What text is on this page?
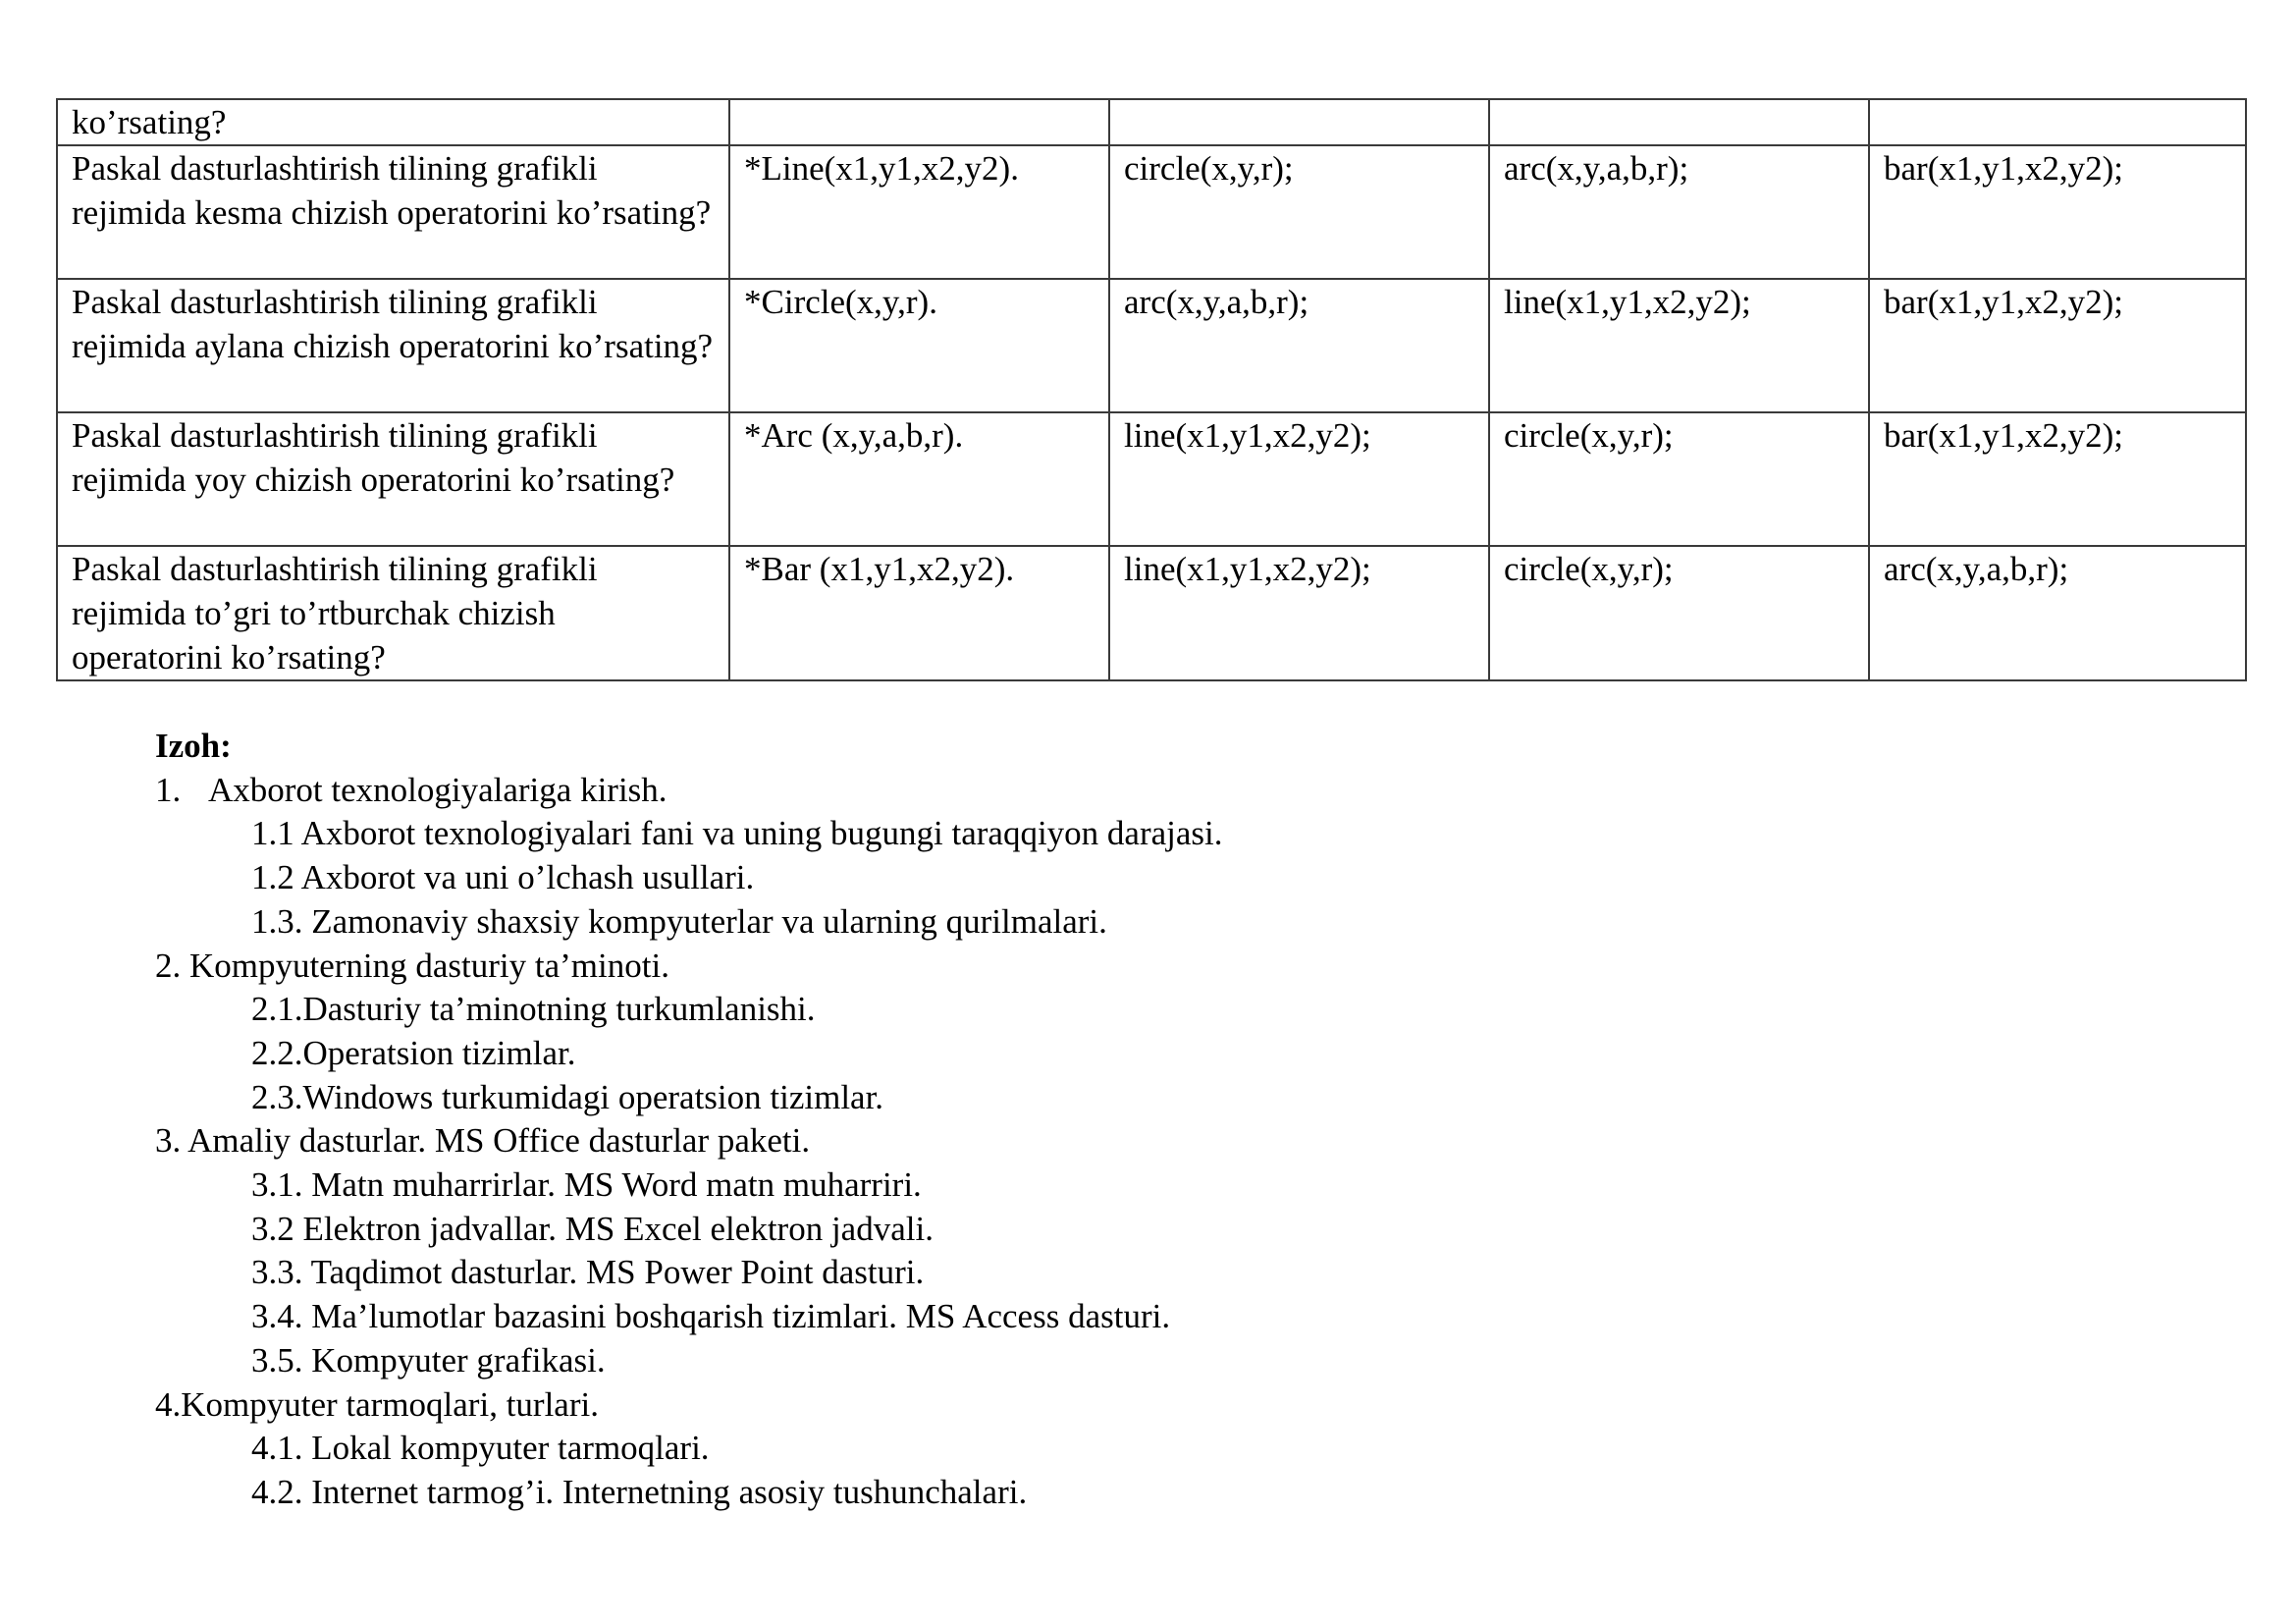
ko’rsating?				
Paskal dasturlashtirish tilining grafikli rejimida kesma chizish operatorini ko’rsating?	*Line(x1,y1,x2,y2).	circle(x,y,r);	arc(x,y,a,b,r);	bar(x1,y1,x2,y2);
Paskal dasturlashtirish tilining grafikli rejimida aylana chizish operatorini ko’rsating?	*Circle(x,y,r).	arc(x,y,a,b,r);	line(x1,y1,x2,y2);	bar(x1,y1,x2,y2);
Paskal dasturlashtirish tilining grafikli rejimida yoy chizish operatorini ko’rsating?	*Arc (x,y,a,b,r).	line(x1,y1,x2,y2);	circle(x,y,r);	bar(x1,y1,x2,y2);
Paskal dasturlashtirish tilining grafikli rejimida to’gri to’rtburchak chizish operatorini ko’rsating?	*Bar (x1,y1,x2,y2).	line(x1,y1,x2,y2);	circle(x,y,r);	arc(x,y,a,b,r);
Izoh:
1. Axborot texnologiyalariga kirish.
1.1 Axborot texnologiyalari fani va uning bugungi taraqqiyon darajasi.
1.2 Axborot va uni o’lchash usullari.
1.3. Zamonaviy shaxsiy kompyuterlar va ularning qurilmalari.
2. Kompyuterning dasturiy ta’minoti.
2.1.Dasturiy ta’minotning turkumlanishi.
2.2.Operatsion tizimlar.
2.3.Windows turkumidagi operatsion tizimlar.
3. Amaliy dasturlar. MS Office dasturlar paketi.
3.1. Matn muharrirlar. MS Word matn muharriri.
3.2 Elektron jadvallar. MS Excel elektron jadvali.
3.3. Taqdimot dasturlar. MS Power Point dasturi.
3.4. Ma’lumotlar bazasini boshqarish tizimlari. MS Access dasturi.
3.5. Kompyuter grafikasi.
4.Kompyuter tarmoqlari, turlari.
4.1. Lokal kompyuter tarmoqlari.
4.2. Internet tarmog’i. Internetning asosiy tushunchalari.
